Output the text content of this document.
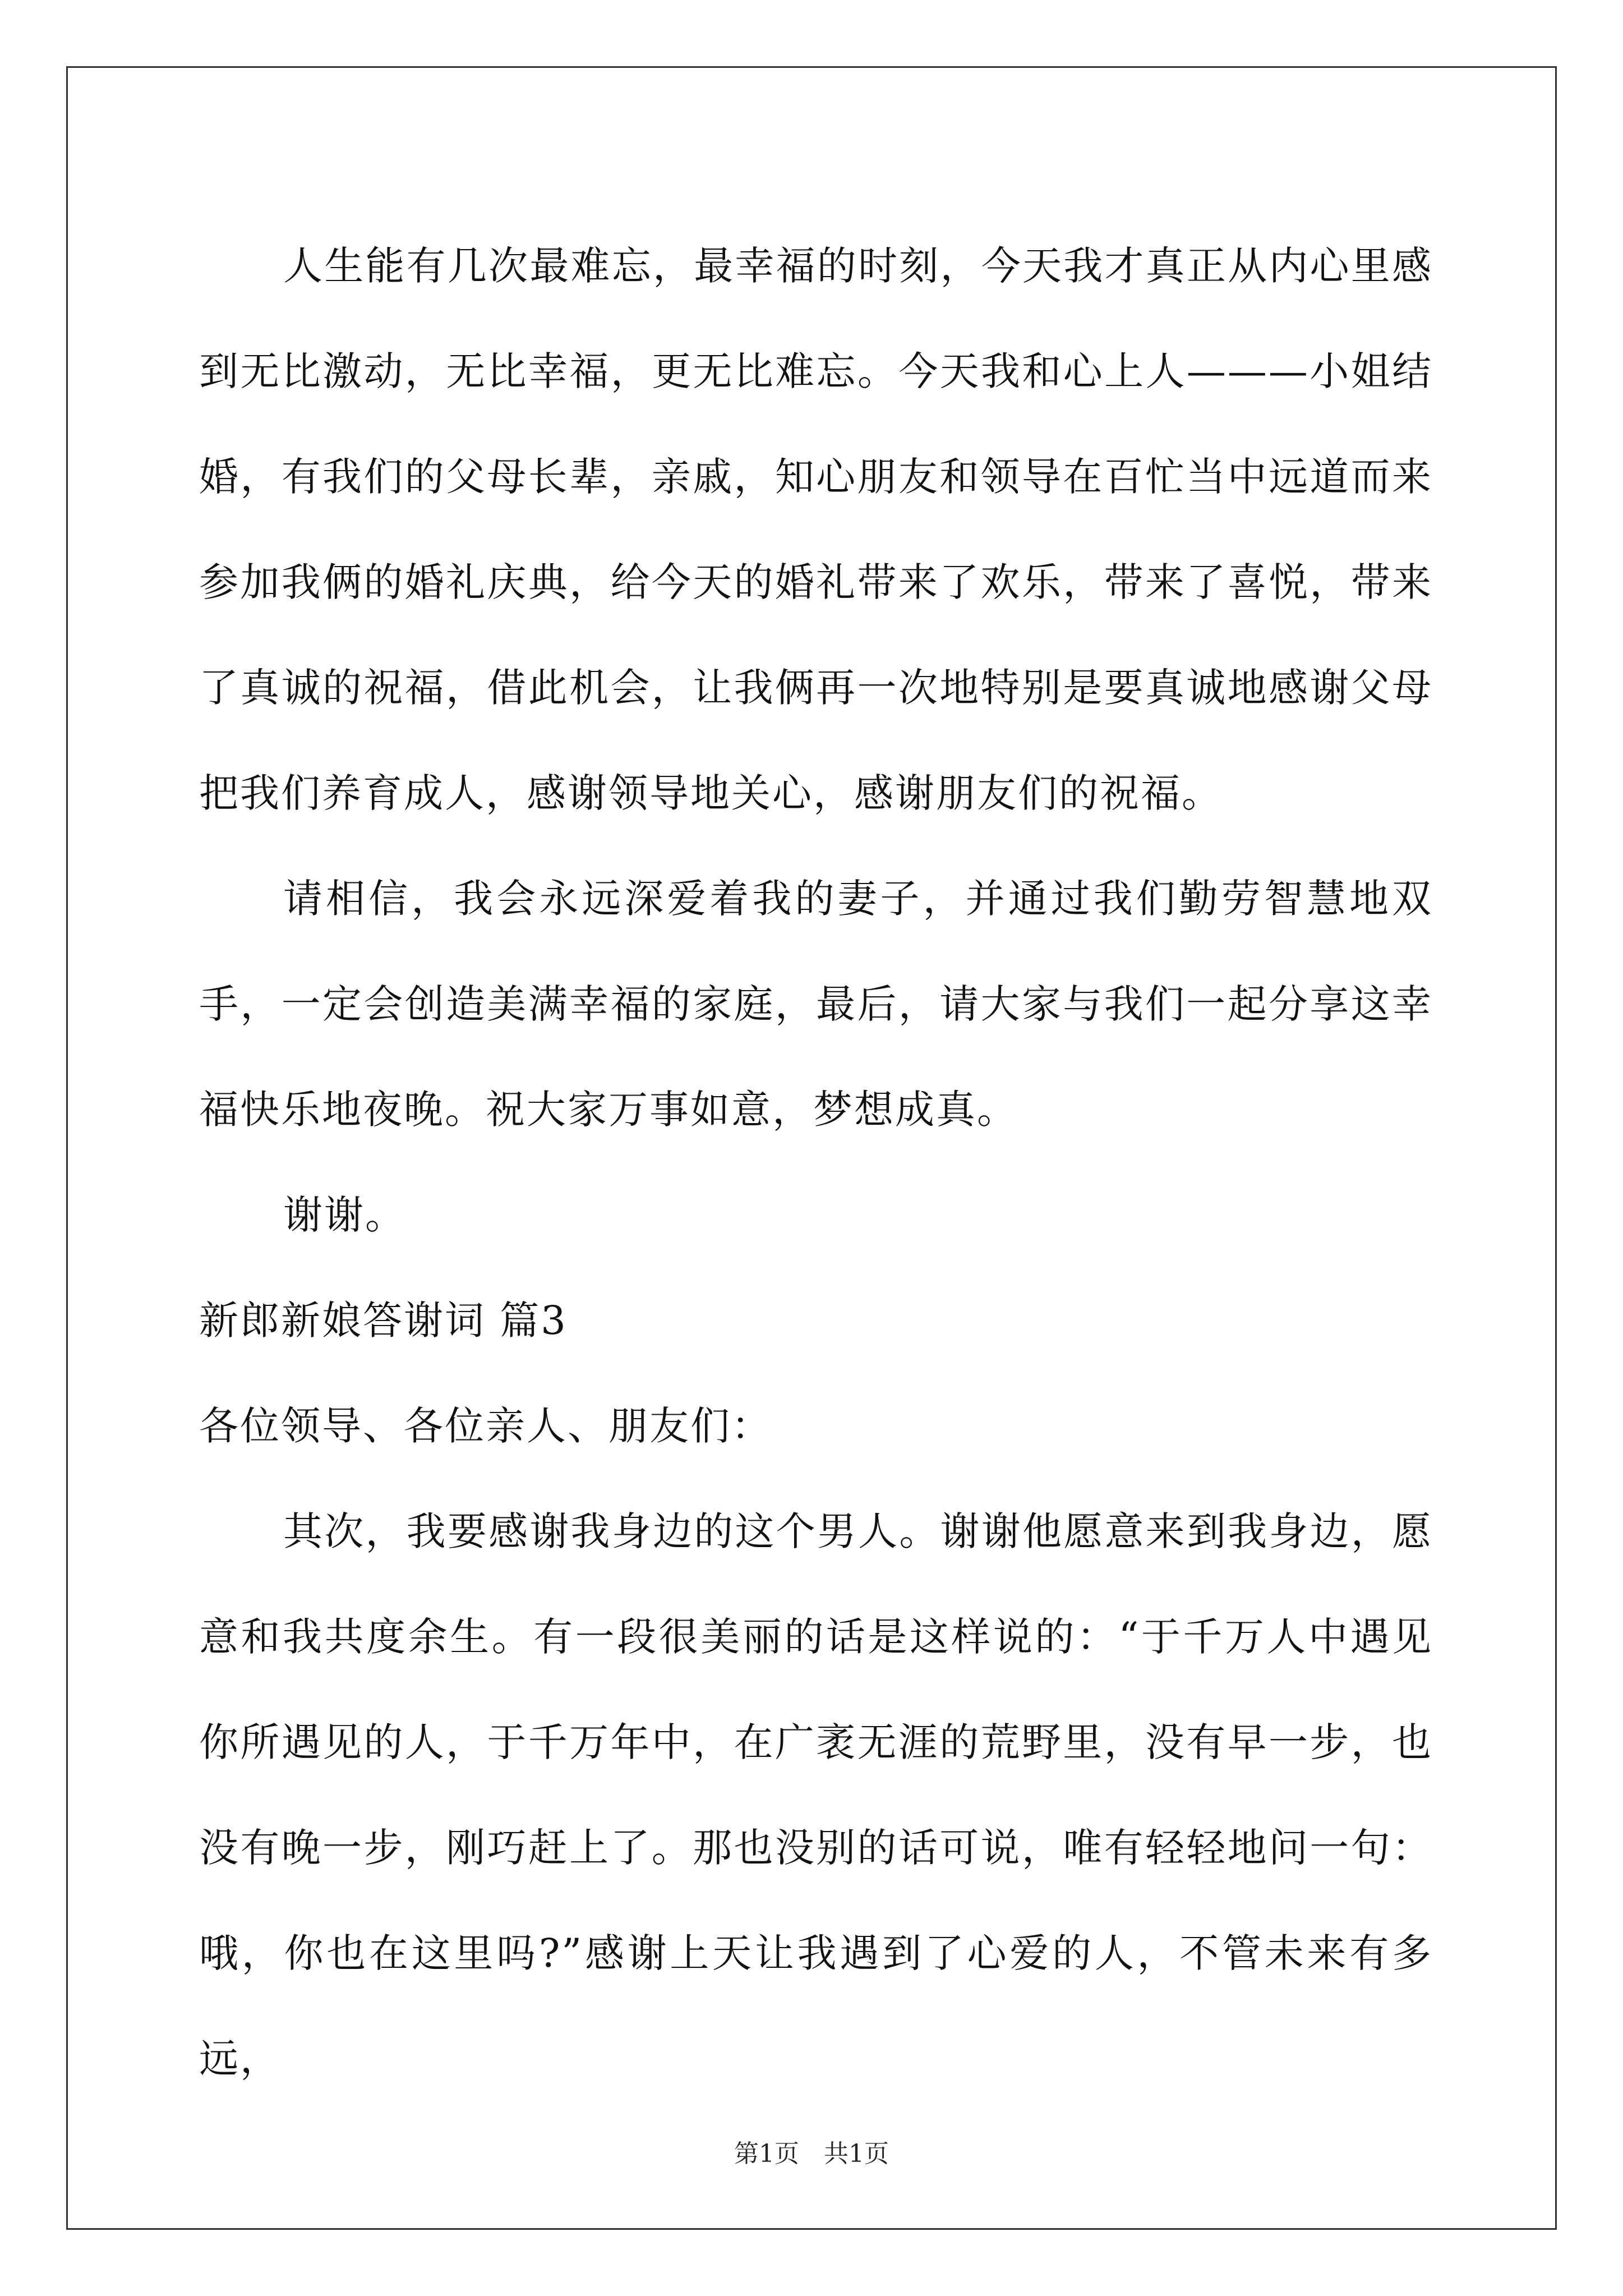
人生能有几次最难忘，最幸福的时刻，今天我才真正从内心里感到无比激动，无比幸福，更无比难忘。今天我和心上人———小姐结婚，有我们的父母长辈，亲戚，知心朋友和领导在百忙当中远道而来参加我俩的婚礼庆典，给今天的婚礼带来了欢乐，带来了喜悦，带来了真诚的祝福，借此机会，让我俩再一次地特别是要真诚地感谢父母把我们养育成人，感谢领导地关心，感谢朋友们的祝福。

请相信，我会永远深爱着我的妻子，并通过我们勤劳智慧地双手，一定会创造美满幸福的家庭，最后，请大家与我们一起分享这幸福快乐地夜晚。祝大家万事如意，梦想成真。

谢谢。

新郎新娘答谢词 篇3

各位领导、各位亲人、朋友们：

其次，我要感谢我身边的这个男人。谢谢他愿意来到我身边，愿意和我共度余生。有一段很美丽的话是这样说的：“于千万人中遇见你所遇见的人，于千万年中，在广袤无涯的荒野里，没有早一步，也没有晚一步，刚巧赶上了。那也没别的话可说，唯有轻轻地问一句：哦，你也在这里吗?”感谢上天让我遇到了心爱的人，不管未来有多远，

第1页　共1页
